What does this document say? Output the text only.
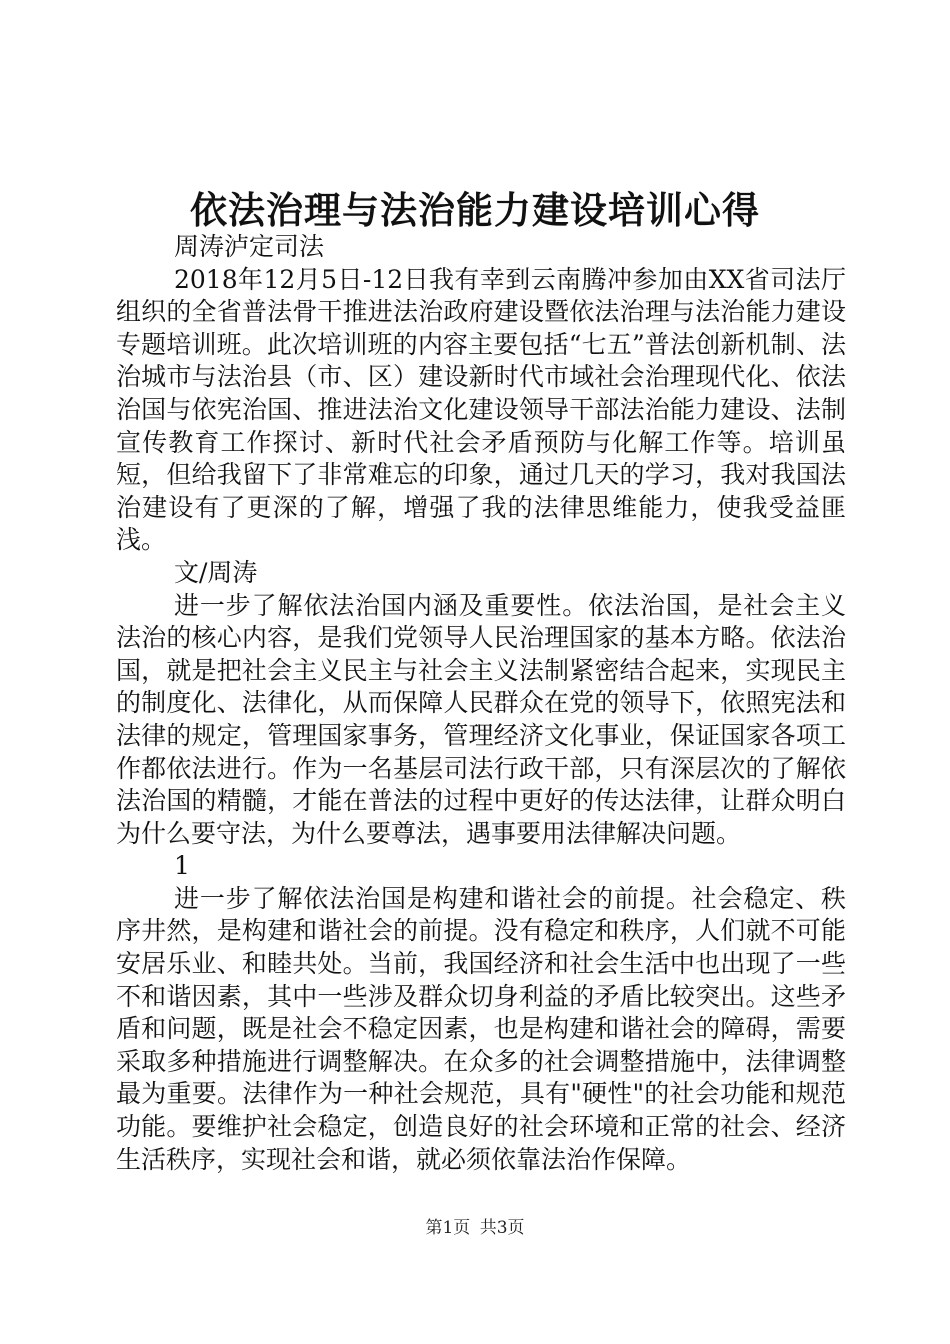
依法治理与法治能力建设培训心得

周涛泸定司法

2018年12月5日-12日我有幸到云南腾冲参加由XX省司法厅组织的全省普法骨干推进法治政府建设暨依法治理与法治能力建设专题培训班。此次培训班的内容主要包括“七五”普法创新机制、法治城市与法治县（市、区）建设新时代市域社会治理现代化、依法治国与依宪治国、推进法治文化建设领导干部法治能力建设、法制宣传教育工作探讨、新时代社会矛盾预防与化解工作等。培训虽短，但给我留下了非常难忘的印象，通过几天的学习，我对我国法治建设有了更深的了解，增强了我的法律思维能力，使我受益匪浅。

文/周涛

进一步了解依法治国内涵及重要性。依法治国，是社会主义法治的核心内容，是我们党领导人民治理国家的基本方略。依法治国，就是把社会主义民主与社会主义法制紧密结合起来，实现民主的制度化、法律化，从而保障人民群众在党的领导下，依照宪法和法律的规定，管理国家事务，管理经济文化事业，保证国家各项工作都依法进行。作为一名基层司法行政干部，只有深层次的了解依法治国的精髓，才能在普法的过程中更好的传达法律，让群众明白为什么要守法，为什么要尊法，遇事要用法律解决问题。

1

进一步了解依法治国是构建和谐社会的前提。社会稳定、秩序井然，是构建和谐社会的前提。没有稳定和秩序，人们就不可能安居乐业、和睦共处。当前，我国经济和社会生活中也出现了一些不和谐因素，其中一些涉及群众切身利益的矛盾比较突出。这些矛盾和问题，既是社会不稳定因素，也是构建和谐社会的障碍，需要采取多种措施进行调整解决。在众多的社会调整措施中，法律调整最为重要。法律作为一种社会规范，具有"硬性"的社会功能和规范功能。要维护社会稳定，创造良好的社会环境和正常的社会、经济生活秩序，实现社会和谐，就必须依靠法治作保障。

第1页 共3页
